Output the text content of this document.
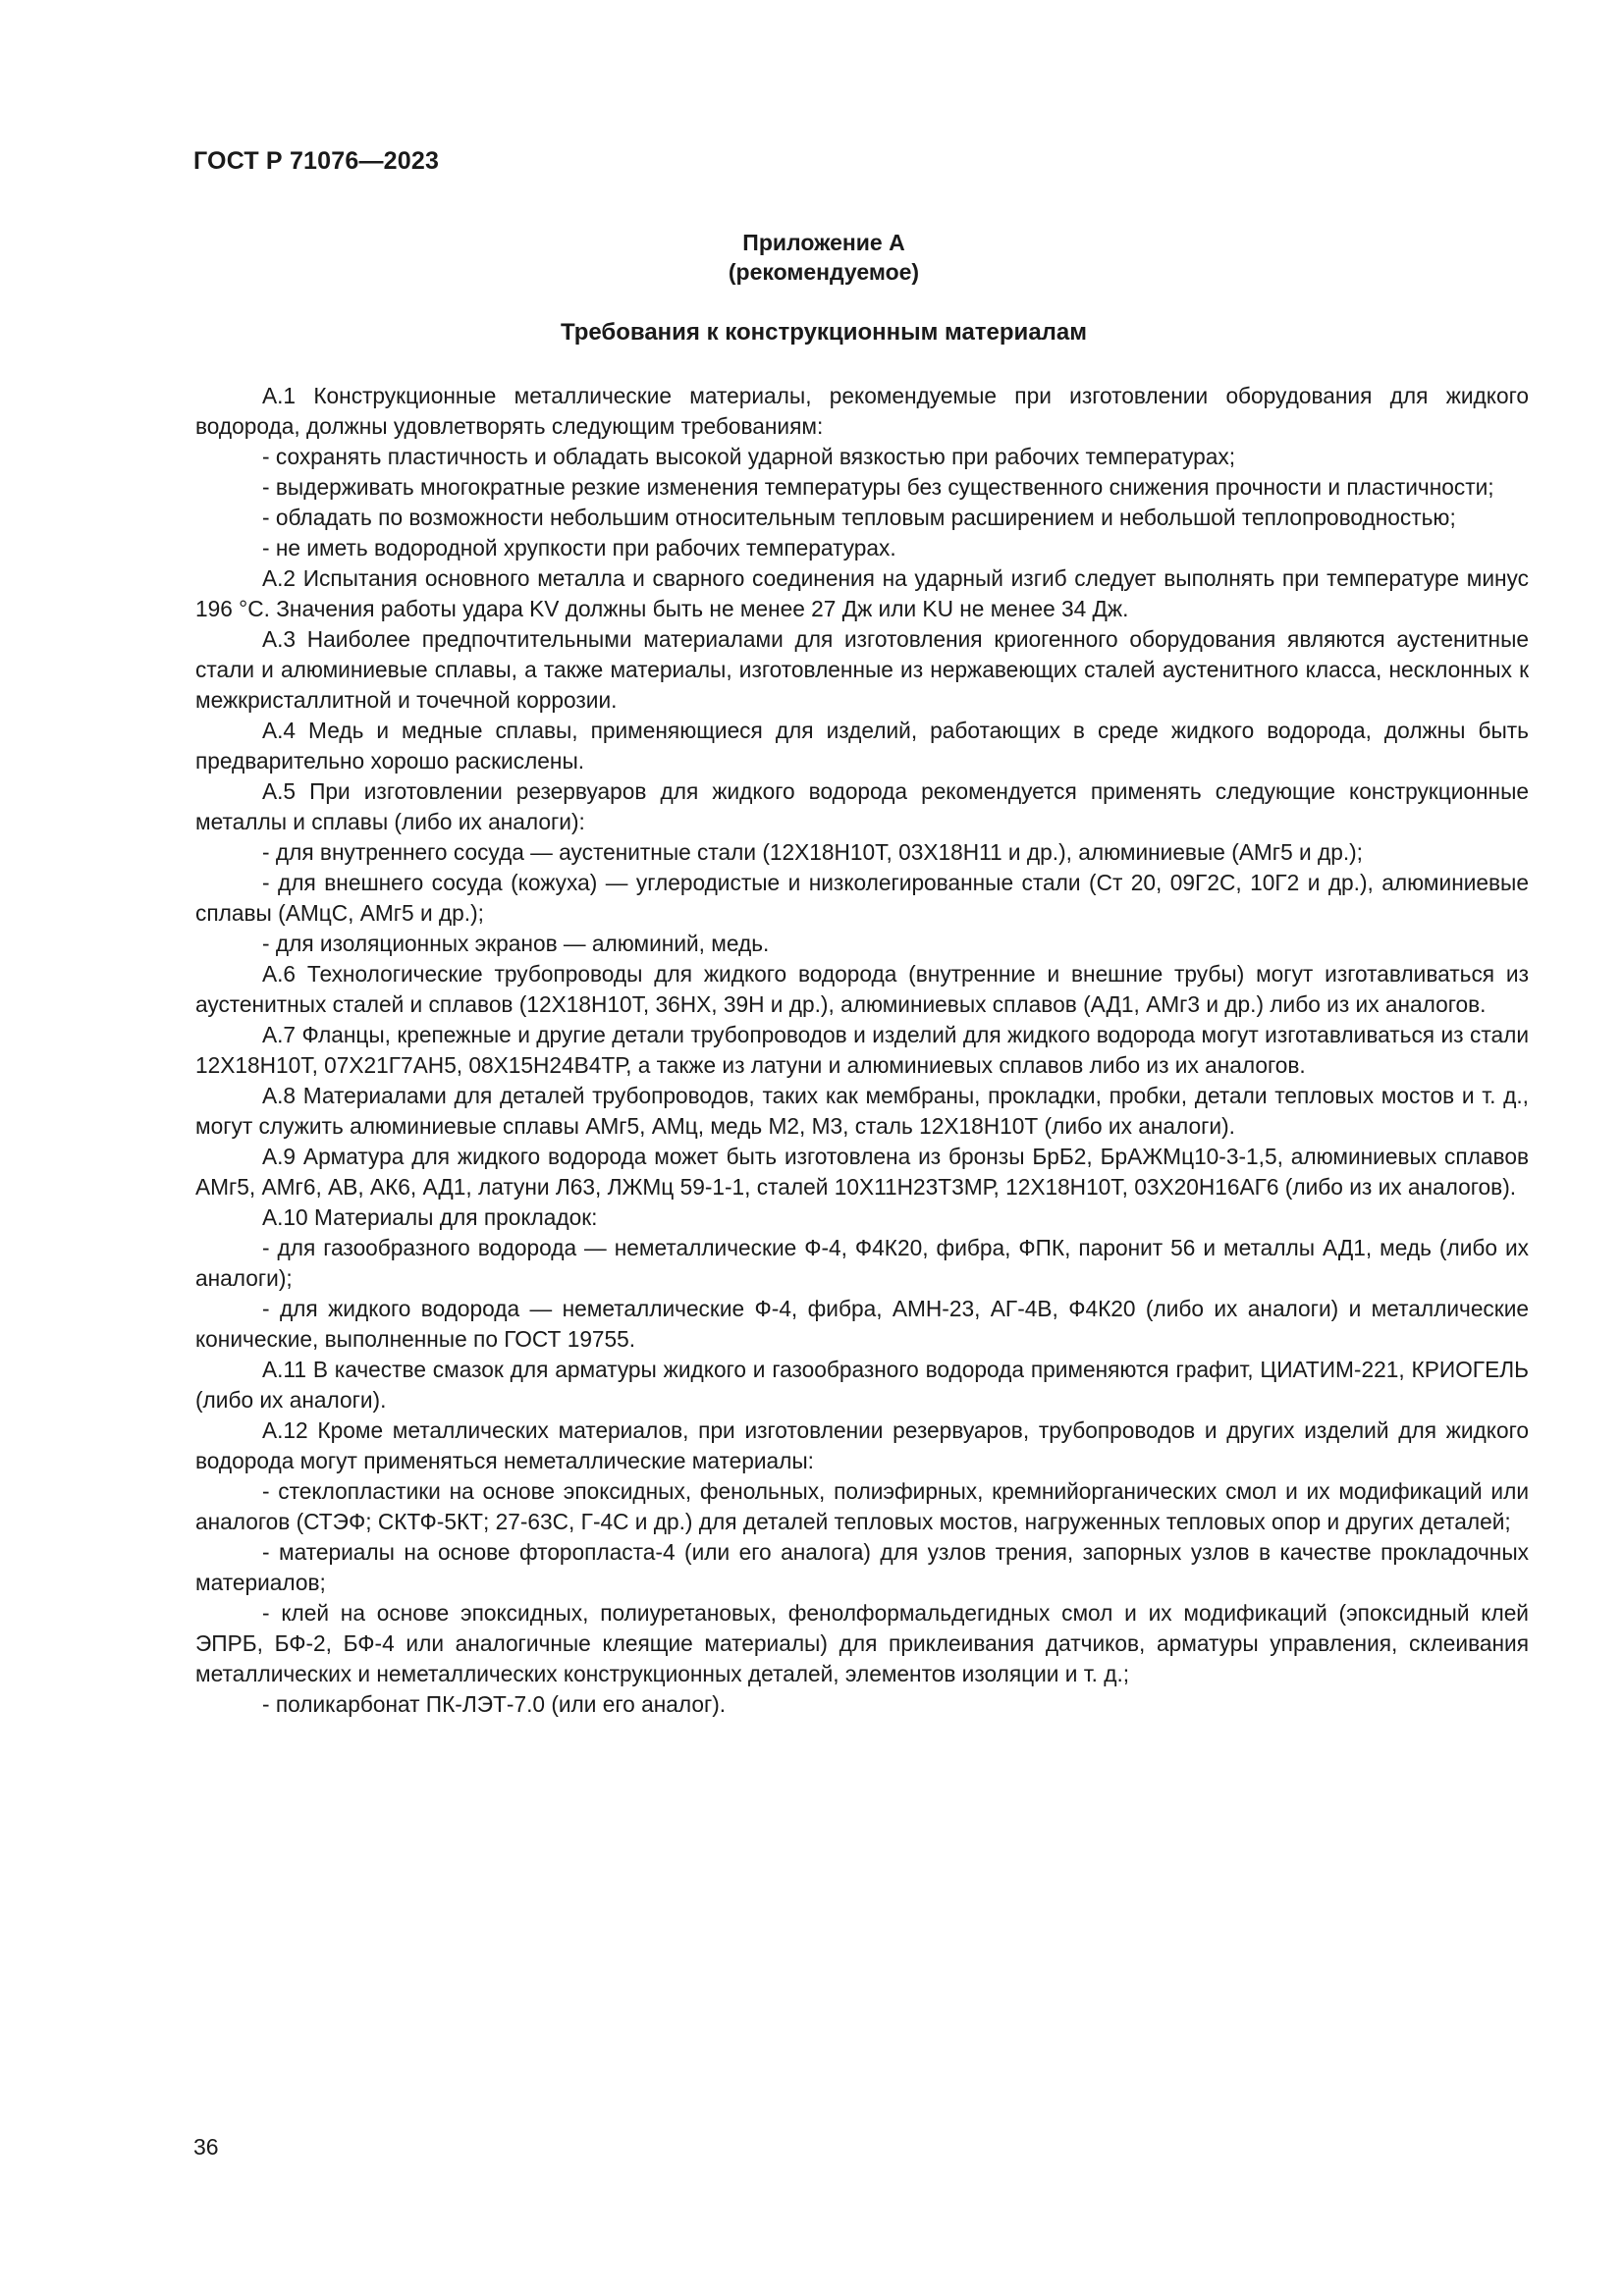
ГОСТ Р 71076—2023
Приложение А
(рекомендуемое)
Требования к конструкционным материалам

А.1 Конструкционные металлические материалы, рекомендуемые при изготовлении оборудования для жидкого водорода, должны удовлетворять следующим требованиям:

- сохранять пластичность и обладать высокой ударной вязкостью при рабочих температурах;

- выдерживать многократные резкие изменения температуры без существенного снижения прочности и пластичности;

- обладать по возможности небольшим относительным тепловым расширением и небольшой теплопроводностью;

- не иметь водородной хрупкости при рабочих температурах.

А.2 Испытания основного металла и сварного соединения на ударный изгиб следует выполнять при температуре минус 196 °С. Значения работы удара KV должны быть не менее 27 Дж или KU не менее 34 Дж.

А.3 Наиболее предпочтительными материалами для изготовления криогенного оборудования являются аустенитные стали и алюминиевые сплавы, а также материалы, изготовленные из нержавеющих сталей аустенитного класса, несклонных к межкристаллитной и точечной коррозии.

А.4 Медь и медные сплавы, применяющиеся для изделий, работающих в среде жидкого водорода, должны быть предварительно хорошо раскислены.

А.5 При изготовлении резервуаров для жидкого водорода рекомендуется применять следующие конструкционные металлы и сплавы (либо их аналоги):

- для внутреннего сосуда — аустенитные стали (12Х18Н10Т, 03Х18Н11 и др.), алюминиевые (АМг5 и др.);

- для внешнего сосуда (кожуха) — углеродистые и низколегированные стали (Ст 20, 09Г2С, 10Г2 и др.), алюминиевые сплавы (АМцС, АМг5 и др.);

- для изоляционных экранов — алюминий, медь.

А.6 Технологические трубопроводы для жидкого водорода (внутренние и внешние трубы) могут изготавливаться из аустенитных сталей и сплавов (12Х18Н10Т, 36НХ, 39Н и др.), алюминиевых сплавов (АД1, АМг3 и др.) либо из их аналогов.

А.7 Фланцы, крепежные и другие детали трубопроводов и изделий для жидкого водорода могут изготавливаться из стали 12Х18Н10Т, 07Х21Г7АН5, 08Х15Н24В4ТР, а также из латуни и алюминиевых сплавов либо из их аналогов.

А.8 Материалами для деталей трубопроводов, таких как мембраны, прокладки, пробки, детали тепловых мостов и т. д., могут служить алюминиевые сплавы АМг5, АМц, медь М2, М3, сталь 12Х18Н10Т (либо их аналоги).

А.9 Арматура для жидкого водорода может быть изготовлена из бронзы БрБ2, БрАЖМц10-3-1,5, алюминиевых сплавов АМг5, АМг6, АВ, АК6, АД1, латуни Л63, ЛЖМц 59-1-1, сталей 10Х11Н23Т3МР, 12Х18Н10Т, 03Х20Н16АГ6 (либо из их аналогов).

А.10 Материалы для прокладок:

- для газообразного водорода — неметаллические Ф-4, Ф4К20, фибра, ФПК, паронит 56 и металлы АД1, медь (либо их аналоги);

- для жидкого водорода — неметаллические Ф-4, фибра, АМН-23, АГ-4В, Ф4К20 (либо их аналоги) и металлические конические, выполненные по ГОСТ 19755.

А.11 В качестве смазок для арматуры жидкого и газообразного водорода применяются графит, ЦИАТИМ-221, КРИОГЕЛЬ (либо их аналоги).

А.12 Кроме металлических материалов, при изготовлении резервуаров, трубопроводов и других изделий для жидкого водорода могут применяться неметаллические материалы:

- стеклопластики на основе эпоксидных, фенольных, полиэфирных, кремнийорганических смол и их модификаций или аналогов (СТЭФ; СКТФ-5КТ; 27-63С, Г-4С и др.) для деталей тепловых мостов, нагруженных тепловых опор и других деталей;

- материалы на основе фторопласта-4 (или его аналога) для узлов трения, запорных узлов в качестве прокладочных материалов;

- клей на основе эпоксидных, полиуретановых, фенолформальдегидных смол и их модификаций (эпоксидный клей ЭПРБ, БФ-2, БФ-4 или аналогичные клеящие материалы) для приклеивания датчиков, арматуры управления, склеивания металлических и неметаллических конструкционных деталей, элементов изоляции и т. д.;

- поликарбонат ПК-ЛЭТ-7.0 (или его аналог).

36
